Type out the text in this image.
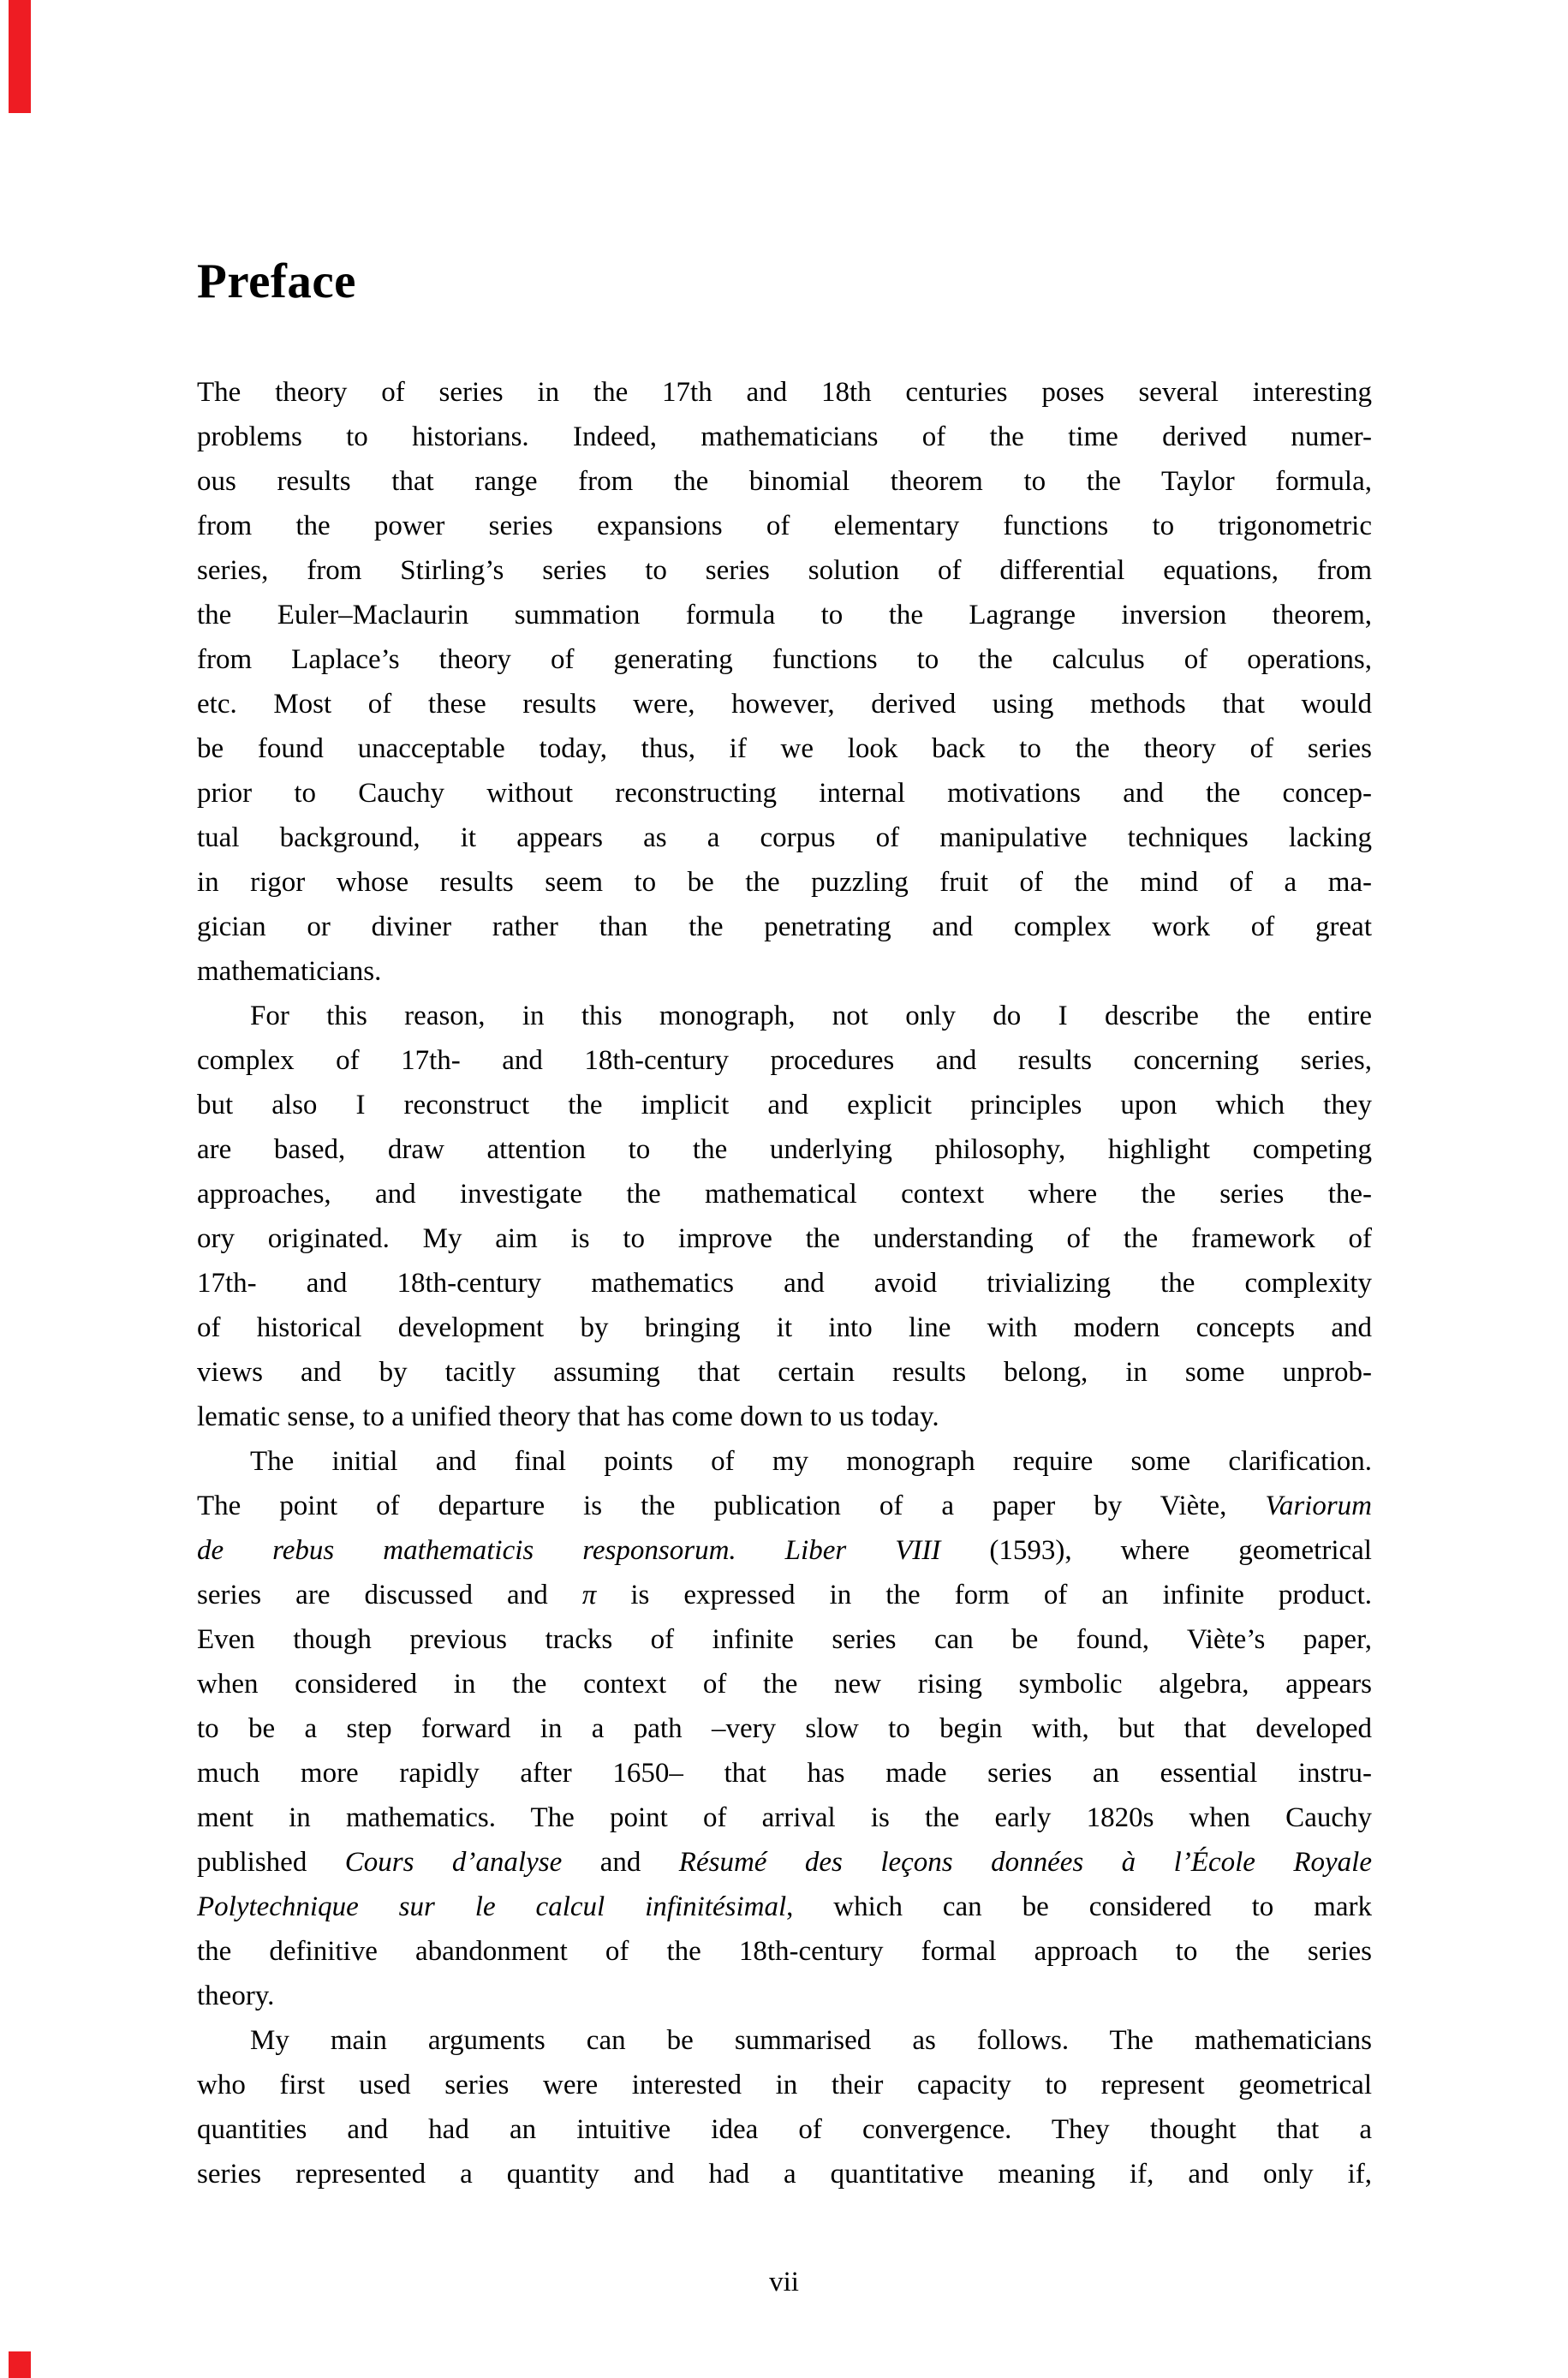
Preface
The theory of series in the 17th and 18th centuries poses several interesting
problems to historians. Indeed, mathematicians of the time derived numer-
ous results that range from the binomial theorem to the Taylor formula,
from the power series expansions of elementary functions to trigonometric
series, from Stirling’s series to series solution of differential equations, from
the Euler–Maclaurin summation formula to the Lagrange inversion theorem,
from Laplace’s theory of generating functions to the calculus of operations,
etc. Most of these results were, however, derived using methods that would
be found unacceptable today, thus, if we look back to the theory of series
prior to Cauchy without reconstructing internal motivations and the concep-
tual background, it appears as a corpus of manipulative techniques lacking
in rigor whose results seem to be the puzzling fruit of the mind of a ma-
gician or diviner rather than the penetrating and complex work of great
mathematicians.
For this reason, in this monograph, not only do I describe the entire
complex of 17th- and 18th-century procedures and results concerning series,
but also I reconstruct the implicit and explicit principles upon which they
are based, draw attention to the underlying philosophy, highlight competing
approaches, and investigate the mathematical context where the series the-
ory originated. My aim is to improve the understanding of the framework of
17th- and 18th-century mathematics and avoid trivializing the complexity
of historical development by bringing it into line with modern concepts and
views and by tacitly assuming that certain results belong, in some unprob-
lematic sense, to a unified theory that has come down to us today.
The initial and final points of my monograph require some clarification.
The point of departure is the publication of a paper by Viète, Variorum
de rebus mathematicis responsorum. Liber VIII (1593), where geometrical
series are discussed and π is expressed in the form of an infinite product.
Even though previous tracks of infinite series can be found, Viète’s paper,
when considered in the context of the new rising symbolic algebra, appears
to be a step forward in a path –very slow to begin with, but that developed
much more rapidly after 1650– that has made series an essential instru-
ment in mathematics. The point of arrival is the early 1820s when Cauchy
published Cours d’analyse and Résumé des leçons données à l’École Royale
Polytechnique sur le calcul infinitésimal, which can be considered to mark
the definitive abandonment of the 18th-century formal approach to the series
theory.
My main arguments can be summarised as follows. The mathematicians
who first used series were interested in their capacity to represent geometrical
quantities and had an intuitive idea of convergence. They thought that a
series represented a quantity and had a quantitative meaning if, and only if,
vii
